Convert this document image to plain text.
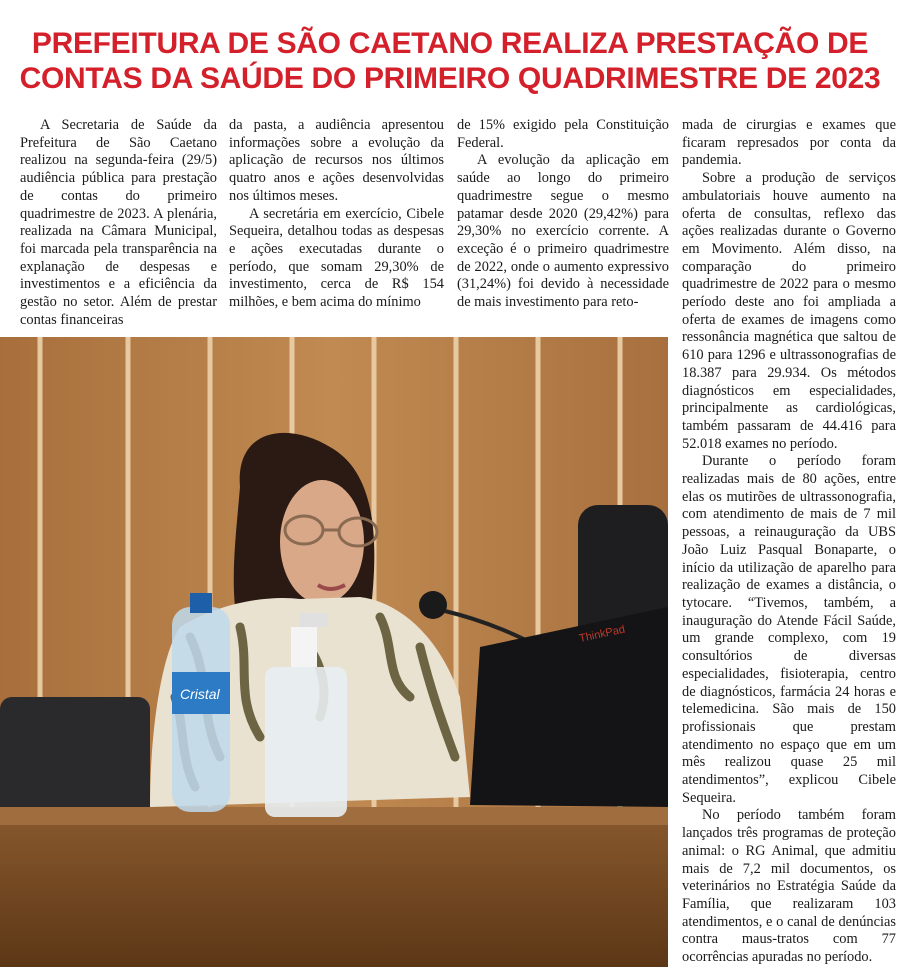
PREFEITURA DE SÃO CAETANO REALIZA PRESTAÇÃO DE
CONTAS DA SAÚDE DO PRIMEIRO QUADRIMESTRE DE 2023

A Secretaria de Saúde da Prefeitura de São Caetano realizou na segunda-feira (29/5) audiência pública para prestação de contas do primeiro quadrimestre de 2023. A plenária, realizada na Câmara Municipal, foi marcada pela transparência na explanação de despesas e investimentos e a eficiência da gestão no setor. Além de prestar contas financeiras

da pasta, a audiência apresentou informações sobre a evolução da aplicação de recursos nos últimos quatro anos e ações desenvolvidas nos últimos meses.

A secretária em exercício, Cibele Sequeira, detalhou todas as despesas e ações executadas durante o período, que somam 29,30% de investimento, cerca de R$ 154 milhões, e bem acima do mínimo

de 15% exigido pela Constituição Federal.

A evolução da aplicação em saúde ao longo do primeiro quadrimestre segue o mesmo patamar desde 2020 (29,42%) para 29,30% no exercício corrente. A exceção é o primeiro quadrimestre de 2022, onde o aumento expressivo (31,24%) foi devido à necessidade de mais investimento para reto-

mada de cirurgias e exames que ficaram represados por conta da pandemia.

Sobre a produção de serviços ambulatoriais houve aumento na oferta de consultas, reflexo das ações realizadas durante o Governo em Movimento. Além disso, na comparação do primeiro quadrimestre de 2022 para o mesmo período deste ano foi ampliada a oferta de exames de imagens como ressonância magnética que saltou de 610 para 1296 e ultrassonografias de 18.387 para 29.934. Os métodos diagnósticos em especialidades, principalmente as cardiológicas, também passaram de 44.416 para 52.018 exames no período.

Durante o período foram realizadas mais de 80 ações, entre elas os mutirões de ultrassonografia, com atendimento de mais de 7 mil pessoas, a reinauguração da UBS João Luiz Pasqual Bonaparte, o início da utilização de aparelho para realização de exames a distância, o tytocare. “Tivemos, também, a inauguração do Atende Fácil Saúde, um grande complexo, com 19 consultórios de diversas especialidades, fisioterapia, centro de diagnósticos, farmácia 24 horas e telemedicina. São mais de 150 profissionais que prestam atendimento no espaço que em um mês realizou quase 25 mil atendimentos”, explicou Cibele Sequeira.

No período também foram lançados três programas de proteção animal: o RG Animal, que admitiu mais de 7,2 mil documentos, os veterinários no Estratégia Saúde da Família, que realizaram 103 atendimentos, e o canal de denúncias contra maus-tratos com 77 ocorrências apuradas no período.

ThinkPad
Cristal
